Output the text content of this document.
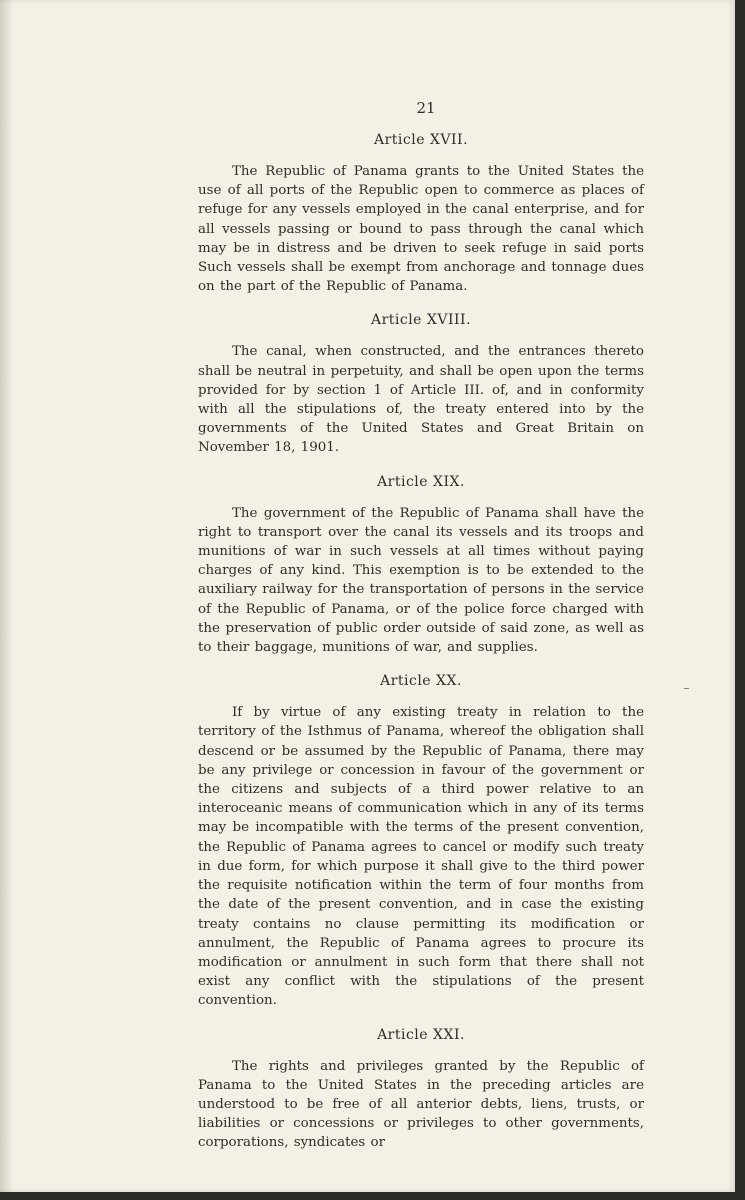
21
Article XVII.

The Republic of Panama grants to the United States the use of all ports of the Republic open to commerce as places of refuge for any vessels employed in the canal enterprise, and for all vessels passing or bound to pass through the canal which may be in distress and be driven to seek refuge in said ports Such vessels shall be exempt from anchorage and tonnage dues on the part of the Republic of Panama.

Article XVIII.

The canal, when constructed, and the entrances thereto shall be neutral in perpetuity, and shall be open upon the terms provided for by section 1 of Article III. of, and in conformity with all the stipulations of, the treaty entered into by the governments of the United States and Great Britain on November 18, 1901.

Article XIX.

The government of the Republic of Panama shall have the right to transport over the canal its vessels and its troops and munitions of war in such vessels at all times without paying charges of any kind. This exemption is to be extended to the auxiliary railway for the transportation of persons in the service of the Republic of Panama, or of the police force charged with the preservation of public order outside of said zone, as well as to their baggage, munitions of war, and supplies.

Article XX.

If by virtue of any existing treaty in relation to the territory of the Isthmus of Panama, whereof the obligation shall descend or be assumed by the Republic of Panama, there may be any privilege or concession in favour of the government or the citizens and subjects of a third power relative to an interoceanic means of communication which in any of its terms may be incompatible with the terms of the present convention, the Republic of Panama agrees to cancel or modify such treaty in due form, for which purpose it shall give to the third power the requisite notification within the term of four months from the date of the present convention, and in case the existing treaty contains no clause permitting its modification or annulment, the Republic of Panama agrees to procure its modification or annulment in such form that there shall not exist any conflict with the stipulations of the present convention.

Article XXI.

The rights and privileges granted by the Republic of Panama to the United States in the preceding articles are understood to be free of all anterior debts, liens, trusts, or liabilities or concessions or privileges to other governments, corporations, syndicates or
